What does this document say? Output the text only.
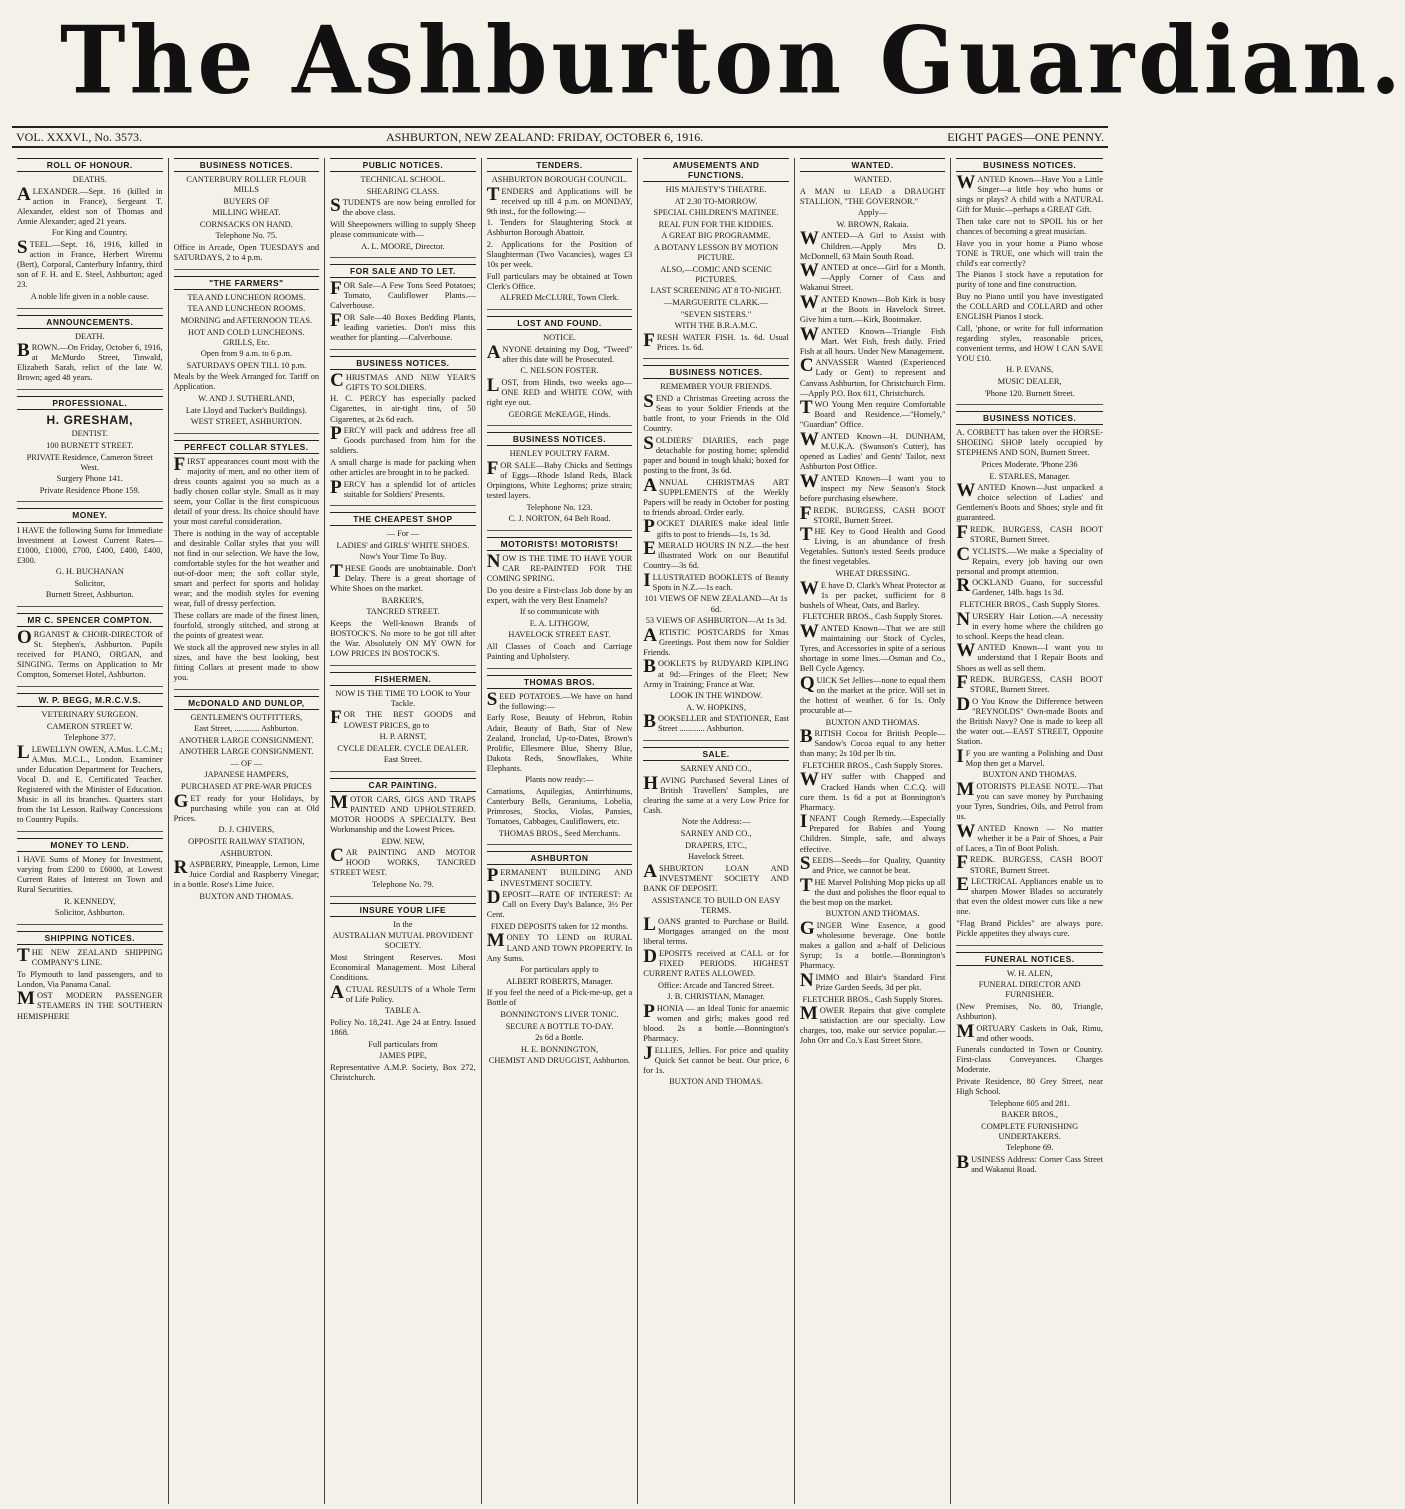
The Ashburton Guardian.
VOL. XXXVI., No. 3573.	ASHBURTON, NEW ZEALAND: FRIDAY, OCTOBER 6, 1916.	EIGHT PAGES—ONE PENNY.
ROLL OF HONOUR.
DEATHS.
ALEXANDER.—Sept. 16 (killed in action in France), Sergeant T. Alexander, eldest son of Thomas and Annie Alexander; aged 21 years.
For King and Country.
STEEL.—Sept. 16, 1916, killed in action in France, Herbert Wiremu (Bert), Corporal, Canterbury Infantry, third son of F. H. and E. Steel, Ashburton; aged 23.
A noble life given in a noble cause.
ANNOUNCEMENTS.
DEATH.
BROWN.—On Friday, October 6, 1916, at McMurdo Street, Tinwald, Elizabeth Sarah, relict of the late W. Brown; aged 48 years.
PROFESSIONAL.
H. GRESHAM,
DENTIST.
100 BURNETT STREET.
PRIVATE Residence, Cameron Street West.
Surgery Phone 141.
Private Residence Phone 159.
MONEY.
I HAVE the following Sums for Immediate Investment at Lowest Current Rates—£1000, £1000, £700, £400, £400, £400, £300.
G. H. BUCHANAN
Solicitor,
Burnett Street, Ashburton.
MR C. SPENCER COMPTON.
ORGANIST & CHOIR-DIRECTOR of St. Stephen's, Ashburton. Pupils received for PIANO, ORGAN, and SINGING. Terms on Application to Mr Compton, Somerset Hotel, Ashburton.
W. P. BEGG, M.R.C.V.S.
VETERINARY SURGEON.
CAMERON STREET W.
Telephone 377.
LLEWELLYN OWEN, A.Mus. L.C.M.; A.Mus. M.C.L., London. Examiner under Education Department for Teachers, Vocal D. and E. Certificated Teacher. Registered with the Minister of Education. Music in all its branches. Quarters start from the 1st Lesson. Railway Concessions to Country Pupils.
MONEY TO LEND.
I HAVE Sums of Money for Investment, varying from £200 to £6000, at Lowest Current Rates of Interest on Town and Rural Securities.
R. KENNEDY,
Solicitor, Ashburton.
SHIPPING NOTICES.
THE NEW ZEALAND SHIPPING COMPANY'S LINE.
To Plymouth to land passengers, and to London, Via Panama Canal.
MOST MODERN PASSENGER STEAMERS IN THE SOUTHERN HEMISPHERE
BUSINESS NOTICES.
CANTERBURY ROLLER FLOUR MILLS
BUYERS OF
MILLING WHEAT.
CORNSACKS ON HAND.
Telephone No. 75.
Office in Arcade, Open TUESDAYS and SATURDAYS, 2 to 4 p.m.
"THE FARMERS"
TEA AND LUNCHEON ROOMS.
TEA AND LUNCHEON ROOMS.
MORNING and AFTERNOON TEAS.
HOT AND COLD LUNCHEONS. GRILLS, Etc.
Open from 9 a.m. to 6 p.m.
SATURDAYS OPEN TILL 10 p.m.
Meals by the Week Arranged for. Tariff on Application.
W. AND J. SUTHERLAND,
Late Lloyd and Tucker's Buildings).
WEST STREET, ASHBURTON.
PERFECT COLLAR STYLES.
FIRST appearances count most with the majority of men, and no other item of dress counts against you so much as a badly chosen collar style. Small as it may seem, your Collar is the first conspicuous detail of your dress. Its choice should have your most careful consideration.
There is nothing in the way of acceptable and desirable Collar styles that you will not find in our selection. We have the low, comfortable styles for the hot weather and out-of-door men; the soft collar style, smart and perfect for sports and holiday wear; and the modish styles for evening wear, full of dressy perfection.
These collars are made of the finest linen, fourfold, strongly stitched, and strong at the points of greatest wear.
We stock all the approved new styles in all sizes, and have the best looking, best fitting Collars at present made to show you.
McDONALD AND DUNLOP,
GENTLEMEN'S OUTFITTERS,
East Street, ............ Ashburton.
ANOTHER LARGE CONSIGNMENT.
ANOTHER LARGE CONSIGNMENT.
— OF —
JAPANESE HAMPERS,
PURCHASED AT PRE-WAR PRICES
GET ready for your Holidays, by purchasing while you can at Old Prices.
D. J. CHIVERS,
OPPOSITE RAILWAY STATION,
ASHBURTON.
RASPBERRY, Pineapple, Lemon, Lime Juice Cordial and Raspberry Vinegar; in a bottle. Rose's Lime Juice.
BUXTON AND THOMAS.
PUBLIC NOTICES.
TECHNICAL SCHOOL.
SHEARING CLASS.
STUDENTS are now being enrolled for the above class.
Will Sheepowners willing to supply Sheep please communicate with—
A. L. MOORE, Director.
FOR SALE AND TO LET.
FOR Sale—A Few Tons Seed Potatoes; Tomato, Cauliflower Plants.—Calverhouse.
FOR Sale—40 Boxes Bedding Plants, leading varieties. Don't miss this weather for planting.—Calverhouse.
BUSINESS NOTICES.
CHRISTMAS AND NEW YEAR'S GIFTS TO SOLDIERS.
H. C. PERCY has especially packed Cigarettes, in air-tight tins, of 50 Cigarettes, at 2s 6d each.
PERCY will pack and address free all Goods purchased from him for the soldiers.
A small charge is made for packing when other articles are brought in to be packed.
PERCY has a splendid lot of articles suitable for Soldiers' Presents.
THE CHEAPEST SHOP
— For —
LADIES' and GIRLS' WHITE SHOES.
Now's Your Time To Buy.
THESE Goods are unobtainable. Don't Delay. There is a great shortage of White Shoes on the market.
BARKER'S,
TANCRED STREET.
Keeps the Well-known Brands of BOSTOCK'S. No more to be got till after the War. Absolutely ON MY OWN for LOW PRICES IN BOSTOCK'S.
FISHERMEN.
NOW IS THE TIME TO LOOK to Your Tackle.
FOR THE BEST GOODS and LOWEST PRICES, go to
H. P. ARNST,
CYCLE DEALER. CYCLE DEALER.
East Street.
CAR PAINTING.
MOTOR CARS, GIGS AND TRAPS PAINTED AND UPHOLSTERED. MOTOR HOODS A SPECIALTY. Best Workmanship and the Lowest Prices.
EDW. NEW,
CAR PAINTING AND MOTOR HOOD WORKS, TANCRED STREET WEST.
Telephone No. 79.
INSURE YOUR LIFE
In the
AUSTRALIAN MUTUAL PROVIDENT SOCIETY.
Most Stringent Reserves. Most Economical Management. Most Liberal Conditions.
ACTUAL RESULTS of a Whole Term of Life Policy.
TABLE A.
Policy No. 18,241. Age 24 at Entry. Issued 1868.
Full particulars from
JAMES PIPE,
Representative A.M.P. Society, Box 272, Christchurch.
TENDERS.
ASHBURTON BOROUGH COUNCIL.
TENDERS and Applications will be received up till 4 p.m. on MONDAY, 9th inst., for the following:—
1. Tenders for Slaughtering Stock at Ashburton Borough Abattoir.
2. Applications for the Position of Slaughterman (Two Vacancies), wages £3 10s per week.
Full particulars may be obtained at Town Clerk's Office.
ALFRED McCLURE, Town Clerk.
LOST AND FOUND.
NOTICE.
ANYONE detaining my Dog, "Tweed" after this date will be Prosecuted.
C. NELSON FOSTER.
LOST, from Hinds, two weeks ago—ONE RED and WHITE COW, with right eye out.
GEORGE McKEAGE, Hinds.
BUSINESS NOTICES.
HENLEY POULTRY FARM.
FOR SALE—Baby Chicks and Settings of Eggs—Rhode Island Reds, Black Orpingtons, White Leghorns; prize strain; tested layers.
Telephone No. 123.
C. J. NORTON, 64 Belt Road.
MOTORISTS! MOTORISTS!
NOW IS THE TIME TO HAVE YOUR CAR RE-PAINTED FOR THE COMING SPRING.
Do you desire a First-class Job done by an expert, with the very Best Enamels?
If so communicate with
E. A. LITHGOW,
HAVELOCK STREET EAST.
All Classes of Coach and Carriage Painting and Upholstery.
THOMAS BROS.
SEED POTATOES.—We have on hand the following:—
Early Rose, Beauty of Hebron, Robin Adair, Beauty of Bath, Star of New Zealand, Ironclad, Up-to-Dates, Brown's Prolific, Ellesmere Blue, Sherry Blue, Dakota Reds, Snowflakes, White Elephants.
Plants now ready:—
Carnations, Aquilegias, Antirrhinums, Canterbury Bells, Geraniums, Lobelia, Primroses, Stocks, Violas, Pansies, Tomatoes, Cabbages, Cauliflowers, etc.
THOMAS BROS., Seed Merchants.
ASHBURTON
PERMANENT BUILDING AND INVESTMENT SOCIETY.
DEPOSIT—RATE OF INTEREST: At Call on Every Day's Balance, 3½ Per Cent.
FIXED DEPOSITS taken for 12 months.
MONEY TO LEND on RURAL LAND AND TOWN PROPERTY. In Any Sums.
For particulars apply to
ALBERT ROBERTS, Manager.
If you feel the need of a Pick-me-up, get a Bottle of
BONNINGTON'S LIVER TONIC.
SECURE A BOTTLE TO-DAY.
2s 6d a Bottle.
H. E. BONNINGTON,
CHEMIST AND DRUGGIST, Ashburton.
AMUSEMENTS AND FUNCTIONS.
HIS MAJESTY'S THEATRE.
AT 2.30 TO-MORROW.
SPECIAL CHILDREN'S MATINEE.
REAL FUN FOR THE KIDDIES.
A GREAT BIG PROGRAMME.
A BOTANY LESSON BY MOTION PICTURE.
ALSO,—COMIC AND SCENIC PICTURES.
LAST SCREENING AT 8 TO-NIGHT.
—MARGUERITE CLARK.—
"SEVEN SISTERS."
WITH THE B.R.A.M.C.
FRESH WATER FISH. 1s. 6d. Usual Prices. 1s. 6d.
BUSINESS NOTICES.
REMEMBER YOUR FRIENDS.
SEND a Christmas Greeting across the Seas to your Soldier Friends at the battle front, to your Friends in the Old Country.
SOLDIERS' DIARIES, each page detachable for posting home; splendid paper and bound in tough khaki; boxed for posting to the front, 3s 6d.
ANNUAL CHRISTMAS ART SUPPLEMENTS of the Weekly Papers will be ready in October for posting to friends abroad. Order early.
POCKET DIARIES make ideal little gifts to post to friends—1s, 1s 3d.
EMERALD HOURS IN N.Z.—the best illustrated Work on our Beautiful Country—3s 6d.
ILLUSTRATED BOOKLETS of Beauty Spots in N.Z.—1s each.
101 VIEWS OF NEW ZEALAND—At 1s 6d.
53 VIEWS OF ASHBURTON—At 1s 3d.
ARTISTIC POSTCARDS for Xmas Greetings. Post them now for Soldier Friends.
BOOKLETS by RUDYARD KIPLING at 9d:—Fringes of the Fleet; New Army in Training; France at War.
LOOK IN THE WINDOW.
A. W. HOPKINS,
BOOKSELLER and STATIONER, East Street ............ Ashburton.
SALE.
SARNEY AND CO.,
HAVING Purchased Several Lines of British Travellers' Samples, are clearing the same at a very Low Price for Cash.
Note the Address:—
SARNEY AND CO.,
DRAPERS, ETC.,
Havelock Street.
ASHBURTON LOAN AND INVESTMENT SOCIETY AND BANK OF DEPOSIT.
ASSISTANCE TO BUILD ON EASY TERMS.
LOANS granted to Purchase or Build. Mortgages arranged on the most liberal terms.
DEPOSITS received at CALL or for FIXED PERIODS. HIGHEST CURRENT RATES ALLOWED.
Office: Arcade and Tancred Street.
J. B. CHRISTIAN, Manager.
PHONIA — an Ideal Tonic for anaemic women and girls; makes good red blood. 2s a bottle.—Bonnington's Pharmacy.
JELLIES, Jellies. For price and quality Quick Set cannot be beat. Our price, 6 for 1s.
BUXTON AND THOMAS.
WANTED.
WANTED.
A MAN to LEAD a DRAUGHT STALLION, "THE GOVERNOR."
Apply—
W. BROWN, Rakaia.
WANTED—A Girl to Assist with Children.—Apply Mrs D. McDonnell, 63 Main South Road.
WANTED at once—Girl for a Month.—Apply Corner of Cass and Wakanui Street.
WANTED Known—Bob Kirk is busy at the Boots in Havelock Street. Give him a turn.—Kirk, Bootmaker.
WANTED Known—Triangle Fish Mart. Wet Fish, fresh daily. Fried Fish at all hours. Under New Management.
CANVASSER Wanted (Experienced Lady or Gent) to represent and Canvass Ashburton, for Christchurch Firm.—Apply P.O. Box 611, Christchurch.
TWO Young Men require Comfortable Board and Residence.—"Homely," "Guardian" Office.
WANTED Known—H. DUNHAM, M.U.K.A. (Swanson's Cutter), has opened as Ladies' and Gents' Tailor, next Ashburton Post Office.
WANTED Known—I want you to inspect my New Season's Stock before purchasing elsewhere.
FREDK. BURGESS, CASH BOOT STORE, Burnett Street.
THE Key to Good Health and Good Living, is an abundance of fresh Vegetables. Sutton's tested Seeds produce the finest vegetables.
WHEAT DRESSING.
WE have D. Clark's Wheat Protector at 1s per packet, sufficient for 8 bushels of Wheat, Oats, and Barley.
FLETCHER BROS., Cash Supply Stores.
WANTED Known—That we are still maintaining our Stock of Cycles, Tyres, and Accessories in spite of a serious shortage in some lines.—Osman and Co., Bell Cycle Agency.
QUICK Set Jellies—none to equal them on the market at the price. Will set in the hottest of weather. 6 for 1s. Only procurable at—
BUXTON AND THOMAS.
BRITISH Cocoa for British People—Sandow's Cocoa equal to any better than many; 2s 10d per lb tin.
FLETCHER BROS., Cash Supply Stores.
WHY suffer with Chapped and Cracked Hands when C.C.Q. will cure them. 1s 6d a pot at Bonnington's Pharmacy.
INFANT Cough Remedy.—Especially Prepared for Babies and Young Children. Simple, safe, and always effective.
SEEDS—Seeds—for Quality, Quantity and Price, we cannot be beat.
THE Marvel Polishing Mop picks up all the dust and polishes the floor equal to the best mop on the market.
BUXTON AND THOMAS.
GINGER Wine Essence, a good wholesome beverage. One bottle makes a gallon and a-half of Delicious Syrup; 1s a bottle.—Bonnington's Pharmacy.
NIMMO and Blair's Standard First Prize Garden Seeds, 3d per pkt.
FLETCHER BROS., Cash Supply Stores.
MOWER Repairs that give complete satisfaction are our specialty. Low charges, too, make our service popular.—John Orr and Co.'s East Street Store.
BUSINESS NOTICES.
WANTED Known—Have You a Little Singer—a little boy who hums or sings or plays? A child with a NATURAL Gift for Music—perhaps a GREAT Gift.
Then take care not to SPOIL his or her chances of becoming a great musician.
Have you in your home a Piano whose TONE is TRUE, one which will train the child's ear correctly?
The Pianos I stock have a reputation for purity of tone and fine construction.
Buy no Piano until you have investigated the COLLARD and COLLARD and other ENGLISH Pianos I stock.
Call, 'phone, or write for full information regarding styles, reasonable prices, convenient terms, and HOW I CAN SAVE YOU £10.
H. P. EVANS,
MUSIC DEALER,
'Phone 120. Burnett Street.
BUSINESS NOTICES.
A. CORBETT has taken over the HORSE-SHOEING SHOP lately occupied by STEPHENS AND SON, Burnett Street.
Prices Moderate. 'Phone 236
E. STARLES, Manager.
WANTED Known—Just unpacked a choice selection of Ladies' and Gentlemen's Boots and Shoes; style and fit guaranteed.
FREDK. BURGESS, CASH BOOT STORE, Burnett Street.
CYCLISTS.—We make a Speciality of Repairs, every job having our own personal and prompt attention.
ROCKLAND Guano, for successful Gardener, 14lb. bags 1s 3d.
FLETCHER BROS., Cash Supply Stores.
NURSERY Hair Lotion.—A necessity in every home where the children go to school. Keeps the head clean.
WANTED Known—I want you to understand that I Repair Boots and Shoes as well as sell them.
FREDK. BURGESS, CASH BOOT STORE, Burnett Street.
DO You Know the Difference between "REYNOLDS" Own-made Boots and the British Navy? One is made to keep all the water out.—EAST STREET, Opposite Station.
IF you are wanting a Polishing and Dust Mop then get a Marvel.
BUXTON AND THOMAS.
MOTORISTS PLEASE NOTE.—That you can save money by Purchasing your Tyres, Sundries, Oils, and Petrol from us.
WANTED Known — No matter whether it be a Pair of Shoes, a Pair of Laces, a Tin of Boot Polish.
FREDK. BURGESS, CASH BOOT STORE, Burnett Street.
ELECTRICAL Appliances enable us to sharpen Mower Blades so accurately that even the oldest mower cuts like a new one.
"Flag Brand Pickles" are always pure. Pickle appetites they always cure.
FUNERAL NOTICES.
W. H. ALEN,
FUNERAL DIRECTOR AND FURNISHER.
(New Premises, No. 80, Triangle, Ashburton).
MORTUARY Caskets in Oak, Rimu, and other woods.
Funerals conducted in Town or Country. First-class Conveyances. Charges Moderate.
Private Residence, 80 Grey Street, near High School.
Telephone 605 and 281.
BAKER BROS.,
COMPLETE FURNISHING UNDERTAKERS.
Telephone 69.
BUSINESS Address: Corner Cass Street and Wakanui Road.
